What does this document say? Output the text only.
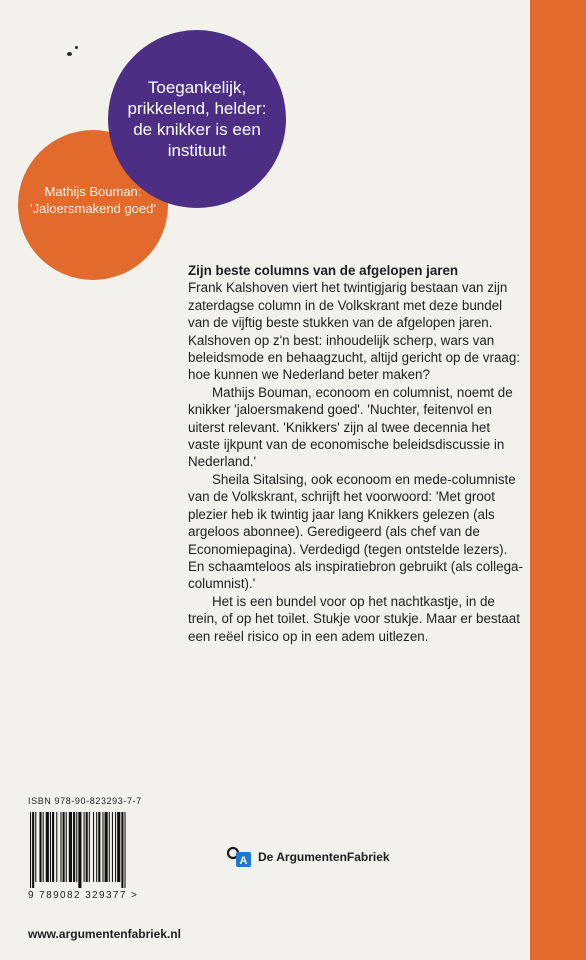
Toegankelijk, prikkelend, helder: de knikker is een instituut
Mathijs Bouman: 'Jaloersmakend goed'

Zijn beste columns van de afgelopen jaren

Frank Kalshoven viert het twintigjarig bestaan van zijn zaterdagse column in de Volkskrant met deze bundel van de vijftig beste stukken van de afgelopen jaren. Kalshoven op z'n best: inhoudelijk scherp, wars van beleidsmode en behaagzucht, altijd gericht op de vraag: hoe kunnen we Nederland beter maken?

Mathijs Bouman, econoom en columnist, noemt de knikker 'jaloersmakend goed'. 'Nuchter, feitenvol en uiterst relevant. 'Knikkers' zijn al twee decennia het vaste ijkpunt van de economische beleidsdiscussie in Nederland.'

Sheila Sitalsing, ook econoom en mede-columniste van de Volkskrant, schrijft het voorwoord: 'Met groot plezier heb ik twintig jaar lang Knikkers gelezen (als argeloos abonnee). Geredigeerd (als chef van de Economiepagina). Verdedigd (tegen ontstelde lezers). En schaamteloos als inspiratiebron gebruikt (als collega-columnist).'

Het is een bundel voor op het nachtkastje, in de trein, of op het toilet. Stukje voor stukje. Maar er bestaat een reëel risico op in een adem uitlezen.

ISBN 978-90-823293-7-7
9 789082 329377 >
A De ArgumentenFabriek
www.argumentenfabriek.nl
